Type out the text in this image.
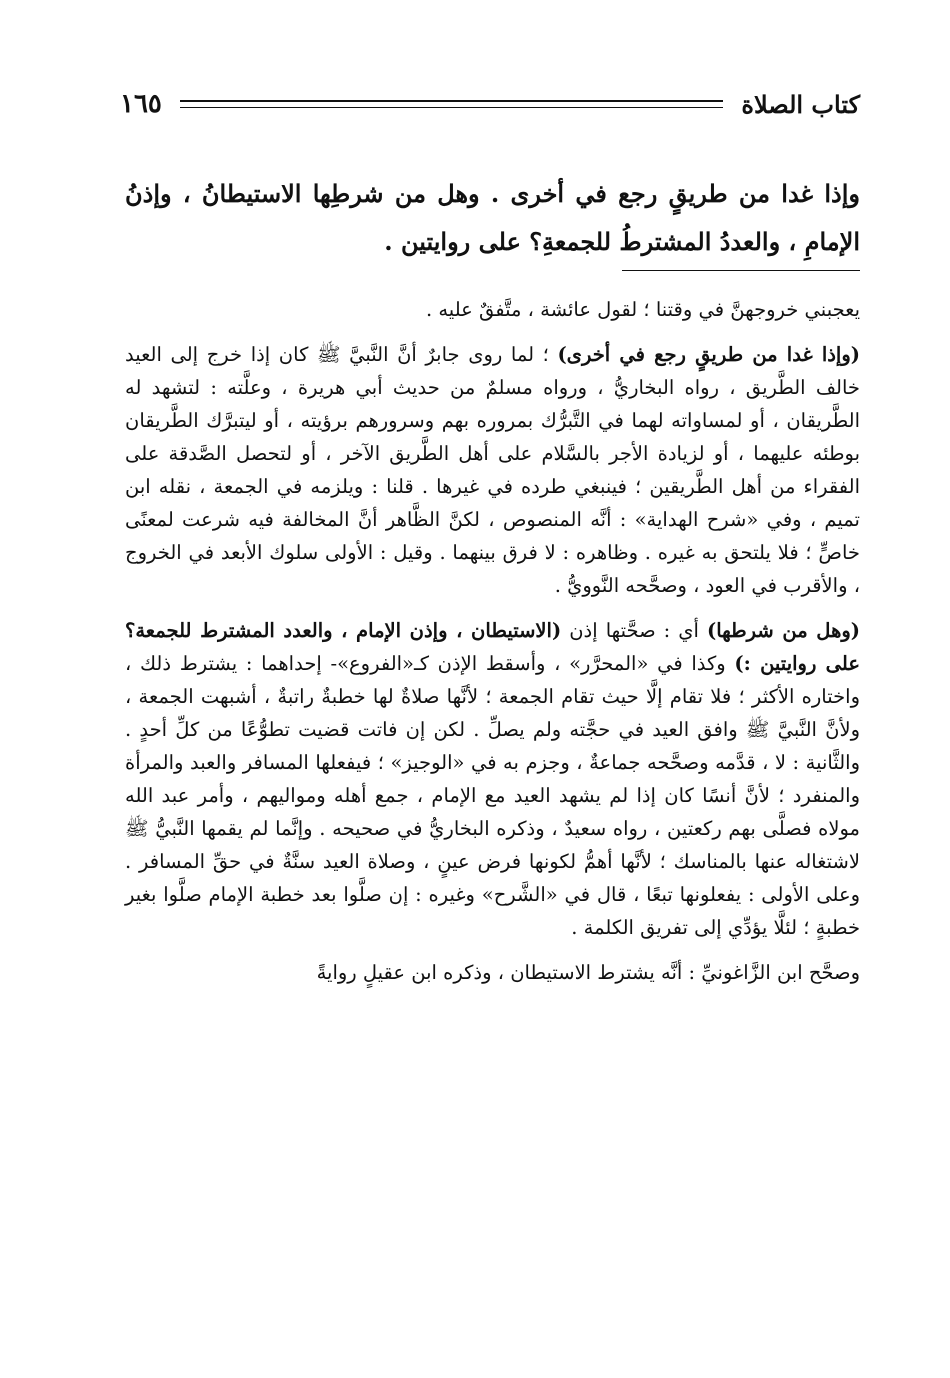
كتاب الصلاة
١٦٥
وإذا غدا من طريقٍ رجع في أخرى . وهل من شرطِها الاستيطانُ ، وإذنُ الإمامِ ، والعددُ المشترطُ للجمعةِ؟ على روايتين .

يعجبني خروجهنَّ في وقتنا ؛ لقول عائشة ، متَّفقٌ عليه .

(وإذا غدا من طريقٍ رجع في أخرى) ؛ لما روى جابرٌ أنَّ النَّبيَّ ﷺ كان إذا خرج إلى العيد خالف الطَّريق ، رواه البخاريُّ ، ورواه مسلمٌ من حديث أبي هريرة ، وعلَّته : لتشهد له الطَّريقان ، أو لمساواته لهما في التَّبرُّك بمروره بهم وسرورهم برؤيته ، أو ليتبرَّك الطَّريقان بوطئه عليهما ، أو لزيادة الأجر بالسَّلام على أهل الطَّريق الآخر ، أو لتحصل الصَّدقة على الفقراء من أهل الطَّريقين ؛ فينبغي طرده في غيرها . قلنا : ويلزمه في الجمعة ، نقله ابن تميم ، وفي «شرح الهداية» : أنَّه المنصوص ، لكنَّ الظَّاهر أنَّ المخالفة فيه شرعت لمعنًى خاصٍّ ؛ فلا يلتحق به غيره . وظاهره : لا فرق بينهما . وقيل : الأولى سلوك الأبعد في الخروج ، والأقرب في العود ، وصحَّحه النَّوويُّ .

(وهل من شرطها) أي : صحَّتها إذن (الاستيطان ، وإذن الإمام ، والعدد المشترط للجمعة؟ على روايتين :) وكذا في «المحرَّر» ، وأسقط الإذن كـ«الفروع»- إحداهما : يشترط ذلك ، واختاره الأكثر ؛ فلا تقام إلَّا حيث تقام الجمعة ؛ لأنَّها صلاةٌ لها خطبةٌ راتبةٌ ، أشبهت الجمعة ، ولأنَّ النَّبيَّ ﷺ وافق العيد في حجَّته ولم يصلِّ . لكن إن فاتت قضيت تطوُّعًا من كلِّ أحدٍ . والثَّانية : لا ، قدَّمه وصحَّحه جماعةٌ ، وجزم به في «الوجيز» ؛ فيفعلها المسافر والعبد والمرأة والمنفرد ؛ لأنَّ أنسًا كان إذا لم يشهد العيد مع الإمام ، جمع أهله ومواليهم ، وأمر عبد الله مولاه فصلَّى بهم ركعتين ، رواه سعيدٌ ، وذكره البخاريُّ في صحيحه . وإنَّما لم يقمها النَّبيُّ ﷺ لاشتغاله عنها بالمناسك ؛ لأنَّها أهمُّ لكونها فرض عينٍ ، وصلاة العيد سنَّةٌ في حقِّ المسافر . وعلى الأولى : يفعلونها تبعًا ، قال في «الشَّرح» وغيره : إن صلَّوا بعد خطبة الإمام صلَّوا بغير خطبةٍ ؛ لئلَّا يؤدِّي إلى تفريق الكلمة .

وصحَّح ابن الزَّاغونيِّ : أنَّه يشترط الاستيطان ، وذكره ابن عقيلٍ روايةً
